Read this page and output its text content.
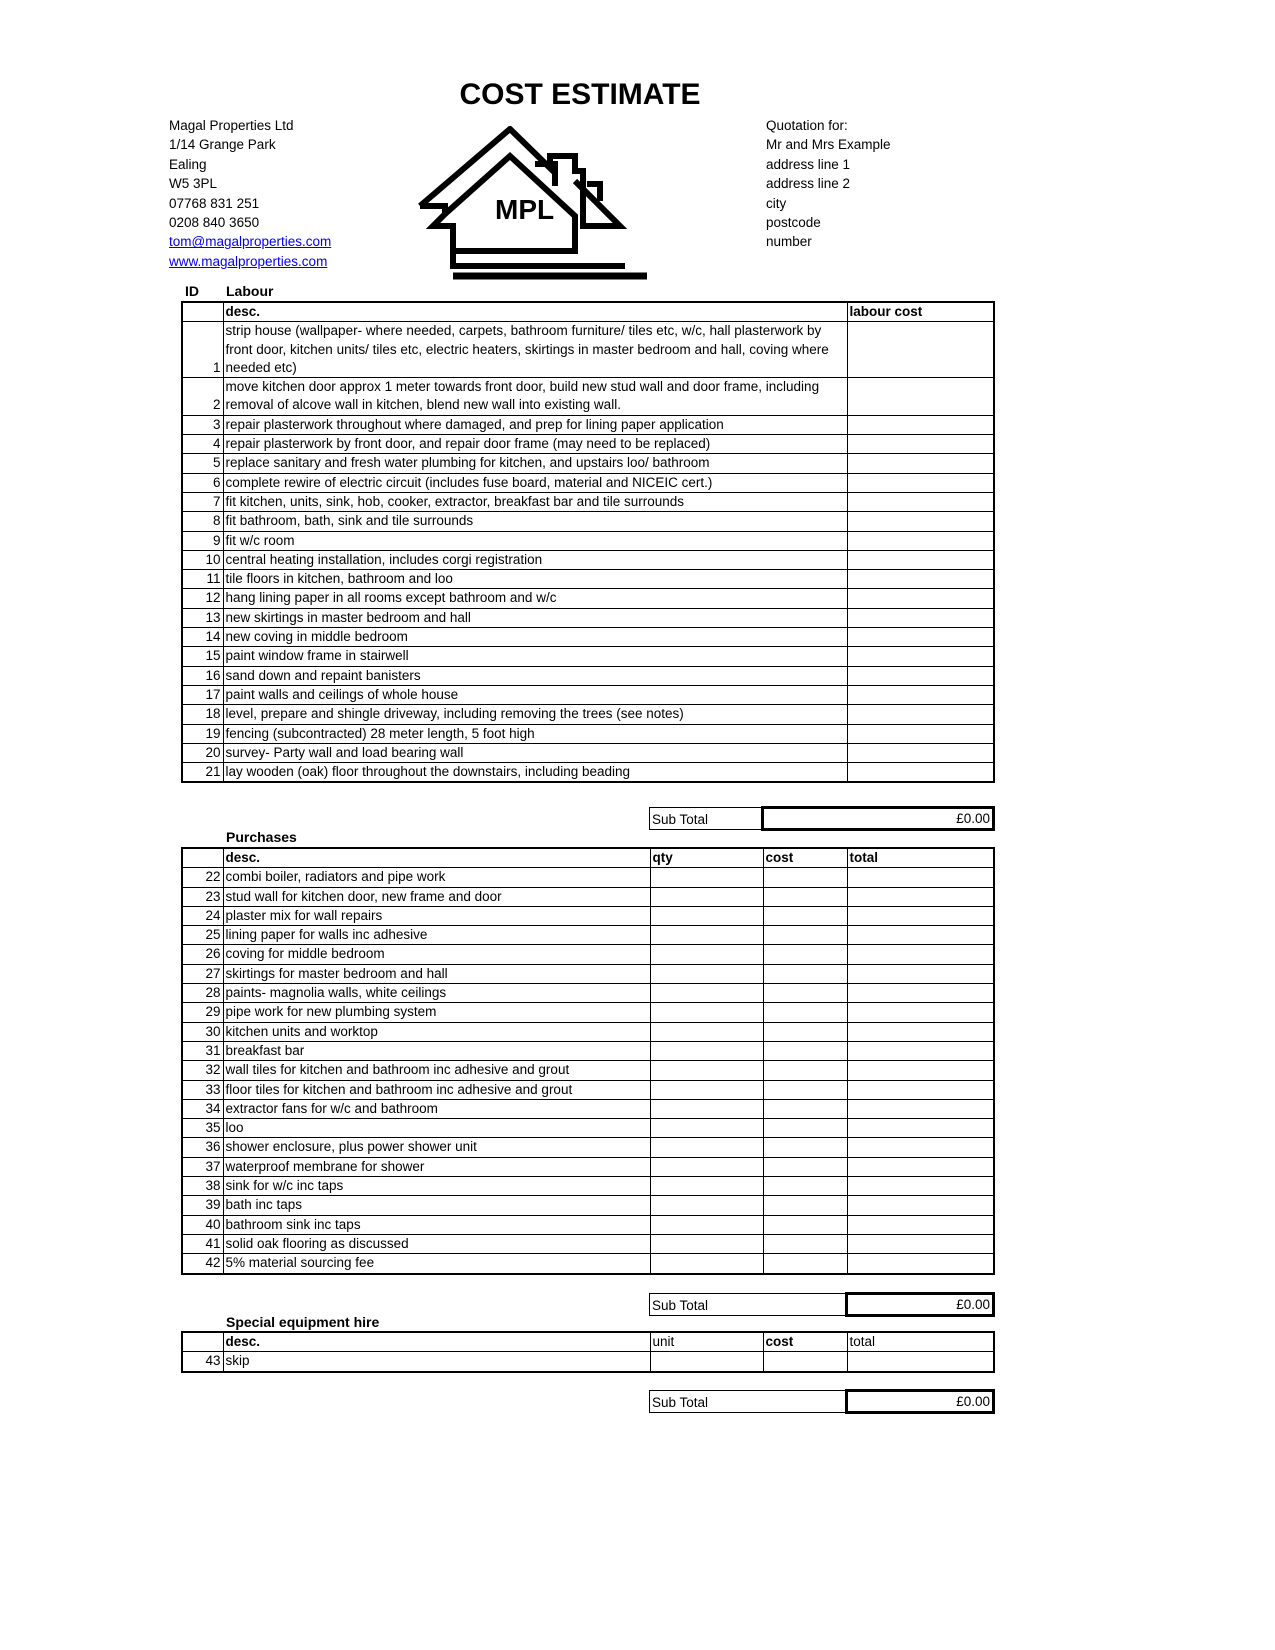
COST ESTIMATE
Magal Properties Ltd
1/14 Grange Park
Ealing
W5 3PL
07768 831 251
0208 840 3650
tom@magalproperties.com
www.magalproperties.com
MPL
Quotation for:
Mr and Mrs Example
address line 1
address line 2
city
postcode
number
ID Labour
	desc.	labour cost
1	strip house (wallpaper- where needed, carpets, bathroom furniture/ tiles etc, w/c, hall plasterwork by front door, kitchen units/ tiles etc, electric heaters, skirtings in master bedroom and hall, coving where needed etc)	
2	move kitchen door approx 1 meter towards front door, build new stud wall and door frame, including removal of alcove wall in kitchen, blend new wall into existing wall.	
3	repair plasterwork throughout where damaged, and prep for lining paper application	
4	repair plasterwork by front door, and repair door frame (may need to be replaced)	
5	replace sanitary and fresh water plumbing for kitchen, and upstairs loo/ bathroom	
6	complete rewire of electric circuit (includes fuse board, material and NICEIC cert.)	
7	fit kitchen, units, sink, hob, cooker, extractor, breakfast bar and tile surrounds	
8	fit bathroom, bath, sink and tile surrounds	
9	fit w/c room	
10	central heating installation, includes corgi registration	
11	tile floors in kitchen, bathroom and loo	
12	hang lining paper in all rooms except bathroom and w/c	
13	new skirtings in master bedroom and hall	
14	new coving in middle bedroom	
15	paint window frame in stairwell	
16	sand down and repaint banisters	
17	paint walls and ceilings of whole house	
18	level, prepare and shingle driveway, including removing the trees (see notes)	
19	fencing (subcontracted) 28 meter length, 5 foot high	
20	survey- Party wall and load bearing wall	
21	lay wooden (oak) floor throughout the downstairs, including beading	
Sub Total	£0.00
Purchases
	desc.	qty	cost	total
22	combi boiler, radiators and pipe work			
23	stud wall for kitchen door, new frame and door			
24	plaster mix for wall repairs			
25	lining paper for walls inc adhesive			
26	coving for middle bedroom			
27	skirtings for master bedroom and hall			
28	paints- magnolia walls, white ceilings			
29	pipe work for new plumbing system			
30	kitchen units and worktop			
31	breakfast bar			
32	wall tiles for kitchen and bathroom inc adhesive and grout			
33	floor tiles for kitchen and bathroom inc adhesive and grout			
34	extractor fans for w/c and bathroom			
35	loo			
36	shower enclosure, plus power shower unit			
37	waterproof membrane for shower			
38	sink for w/c inc taps			
39	bath inc taps			
40	bathroom sink inc taps			
41	solid oak flooring as discussed			
42	5% material sourcing fee			
Sub Total	£0.00
Special equipment hire
	desc.	unit	cost	total
43	skip			
Sub Total	£0.00
